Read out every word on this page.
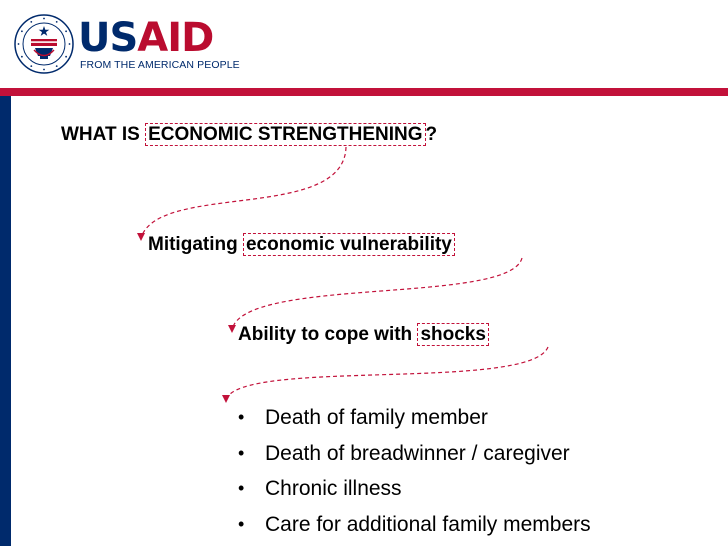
USAID
FROM THE AMERICAN PEOPLE
WHAT IS ECONOMIC STRENGTHENING ?
Mitigating economic vulnerability
Ability to cope with shocks
• Death of family member
• Death of breadwinner / caregiver
• Chronic illness
• Care for additional family members
